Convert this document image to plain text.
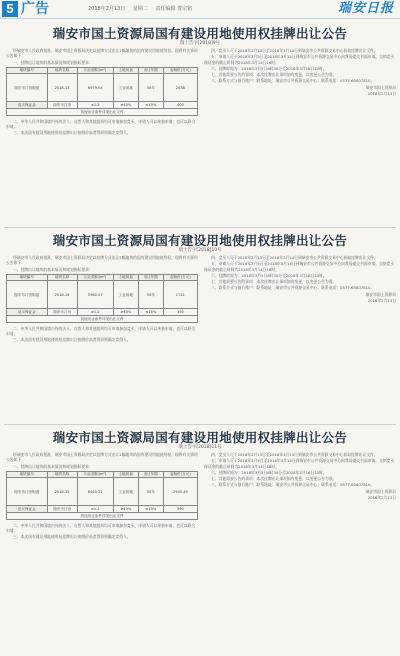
5 广告	2018年2月13日 星期二 责任编辑 曹宗铭	瑞安日报
瑞安市国土资源局国有建设用地使用权挂牌出让公告
瑞土告字[2018]9号

经瑞安市人民政府批准，瑞安市国土资源局决定以挂牌方式出让2幅地块的国有建设用地使用权。现将有关事项公告如下：

一、挂牌出让地块的基本情况和规划指标要求：

地块编号	地块名称	出让面积(m²)	土地用途	出让年限	起始价(万元)
瑞安市汀田街道	2018-13	6979.04	工业用地	50年	2038
竞买保证金	瑞安市汀田	≥1.2	≥40%	≤15%	400
其他出让条件详见出让文件					

二、中华人民共和国境内外的法人、自然人和其他组织均可申请参加竞买，申请人可以单独申请，也可以联合申请。

三、本次国有建设用地使用权挂牌出让按照价高者得原则确定竞得人。

四、竞买人可于2018年2月13日至2018年3月14日到瑞安市公共资源交易中心获取挂牌出让文件。

五、申请人可于2018年3月5日至2018年3月14日到瑞安市公共资源交易中心向我局提交书面申请。交纳竞买保证金的截止时间为2018年3月14日16时。

六、挂牌时间为：2018年3月5日8时30分至2018年3月16日10时。

七、其他需要公告的事项：本次挂牌出让事项如有变更，以变更公告为准。

八、联系方式与银行账户：联系地址：瑞安市公共资源交易中心；联系电话：0577-65807810。

瑞安市国土资源局

2018年2月13日

瑞安市国土资源局国有建设用地使用权挂牌出让公告
瑞土告字[2018]10号

经瑞安市人民政府批准，瑞安市国土资源局决定以挂牌方式出让2幅地块的国有建设用地使用权。现将有关事项公告如下：

一、挂牌出让地块的基本情况和规划指标要求：

地块编号	地块名称	出让面积(m²)	土地用途	出让年限	起始价(万元)
瑞安市汀田街道	2018-14	5960.07	工业用地	50年	1741
竞买保证金	瑞安市汀田	≥1.2	≥40%	≤15%	350
其他出让条件详见出让文件					

二、中华人民共和国境内外的法人、自然人和其他组织均可申请参加竞买，申请人可以单独申请，也可以联合申请。

三、本次国有建设用地使用权挂牌出让按照价高者得原则确定竞得人。

四、竞买人可于2018年2月13日至2018年3月14日到瑞安市公共资源交易中心获取挂牌出让文件。

五、申请人可于2018年3月5日至2018年3月14日到瑞安市公共资源交易中心向我局提交书面申请。交纳竞买保证金的截止时间为2018年3月14日16时。

六、挂牌时间为：2018年3月5日8时30分至2018年3月16日10时。

七、其他需要公告的事项：本次挂牌出让事项如有变更，以变更公告为准。

八、联系方式与银行账户：联系地址：瑞安市公共资源交易中心；联系电话：0577-65807810。

瑞安市国土资源局

2018年2月13日

瑞安市国土资源局国有建设用地使用权挂牌出让公告
瑞土告字[2018]11号

经瑞安市人民政府批准，瑞安市国土资源局决定以挂牌方式出让2幅地块的国有建设用地使用权。现将有关事项公告如下：

一、挂牌出让地块的基本情况和规划指标要求：

地块编号	地块名称	出让面积(m²)	土地用途	出让年限	起始价(万元)
瑞安市汀田街道	2018-15	6440.22	工业用地	50年	2940.49
竞买保证金	瑞安市汀田	≥1.2	≥40%	≤15%	590
其他出让条件详见出让文件					

二、中华人民共和国境内外的法人、自然人和其他组织均可申请参加竞买，申请人可以单独申请，也可以联合申请。

三、本次国有建设用地使用权挂牌出让按照价高者得原则确定竞得人。

四、竞买人可于2018年2月13日至2018年3月14日到瑞安市公共资源交易中心获取挂牌出让文件。

五、申请人可于2018年3月5日至2018年3月14日到瑞安市公共资源交易中心向我局提交书面申请。交纳竞买保证金的截止时间为2018年3月14日16时。

六、挂牌时间为：2018年3月5日8时30分至2018年3月16日10时。

七、其他需要公告的事项：本次挂牌出让事项如有变更，以变更公告为准。

八、联系方式与银行账户：联系地址：瑞安市公共资源交易中心；联系电话：0577-65807810。

瑞安市国土资源局

2018年2月13日
